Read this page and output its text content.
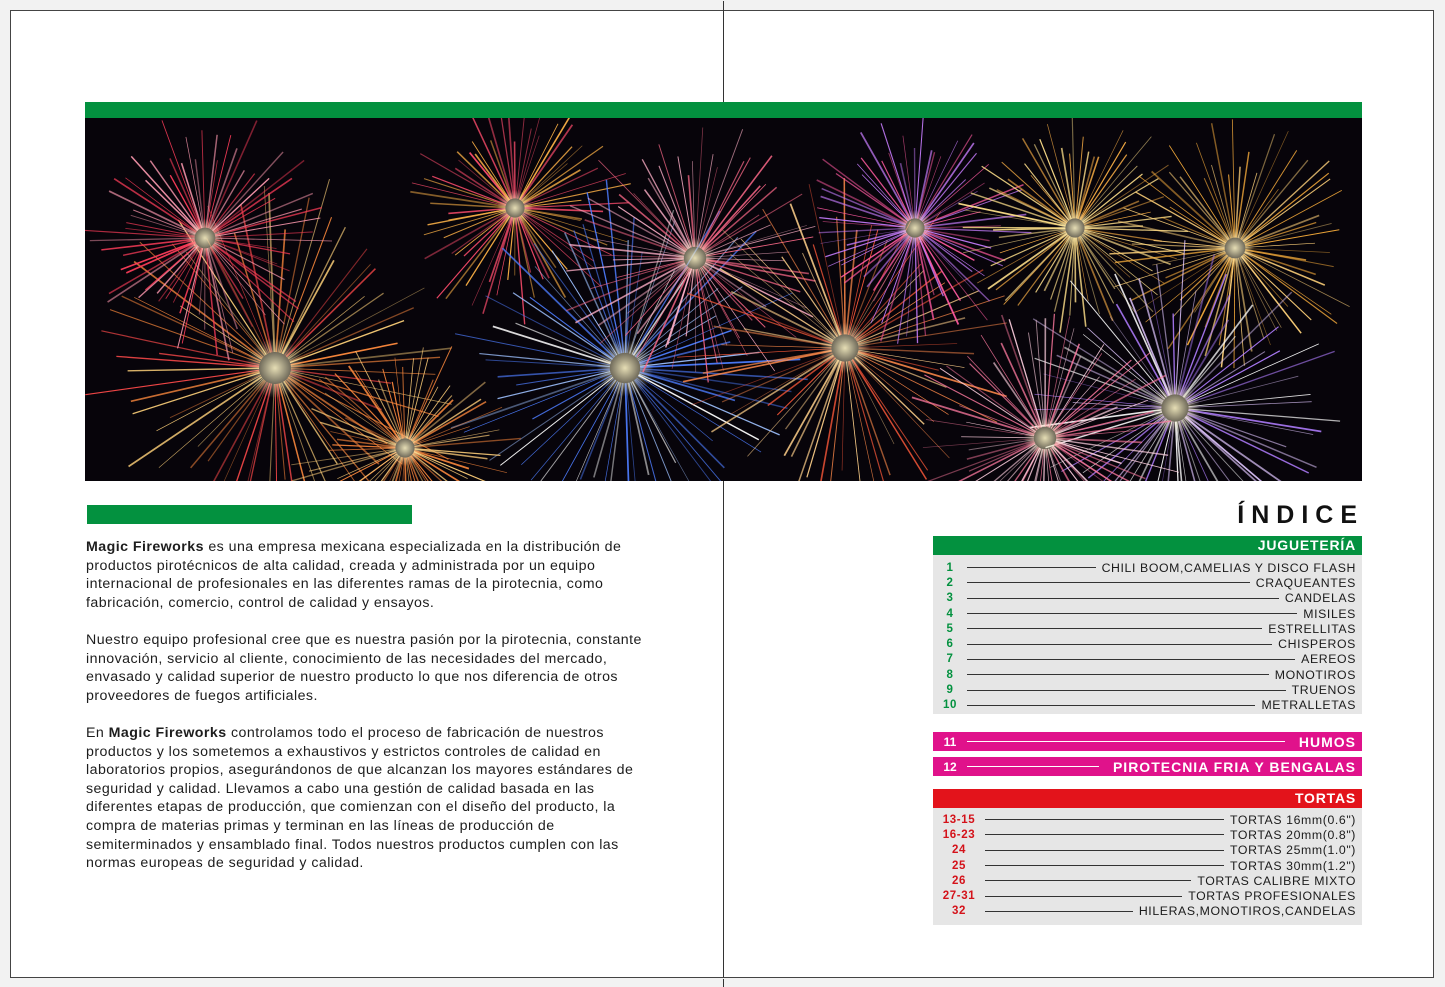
Magic Fireworks es una empresa mexicana especializada en la distribución de productos pirotécnicos de alta calidad, creada y administrada por un equipo internacional de profesionales en las diferentes ramas de la pirotecnia, como fabricación, comercio, control de calidad y ensayos.

Nuestro equipo profesional cree que es nuestra pasión por la pirotecnia, constante innovación, servicio al cliente, conocimiento de las necesidades del mercado, envasado y calidad superior de nuestro producto lo que nos diferencia de otros proveedores de fuegos artificiales.

En Magic Fireworks controlamos todo el proceso de fabricación de nuestros productos y los sometemos a exhaustivos y estrictos controles de calidad en laboratorios propios, asegurándonos de que alcanzan los mayores estándares de seguridad y calidad. Llevamos a cabo una gestión de calidad basada en las diferentes etapas de producción, que comienzan con el diseño del producto, la compra de materias primas y terminan en las líneas de producción de semiterminados y ensamblado final. Todos nuestros productos cumplen con las normas europeas de seguridad y calidad.

ÍNDICE
JUGUETERÍA
1	CHILI BOOM,CAMELIAS Y DISCO FLASH
2	CRAQUEANTES
3	CANDELAS
4	MISILES
5	ESTRELLITAS
6	CHISPEROS
7	AEREOS
8	MONOTIROS
9	TRUENOS
10	METRALLETAS
11	HUMOS
12	PIROTECNIA FRIA Y BENGALAS
TORTAS
13-15	TORTAS 16mm(0.6")
16-23	TORTAS 20mm(0.8")
24	TORTAS 25mm(1.0")
25	TORTAS 30mm(1.2")
26	TORTAS CALIBRE MIXTO
27-31	TORTAS PROFESIONALES
32	HILERAS,MONOTIROS,CANDELAS
